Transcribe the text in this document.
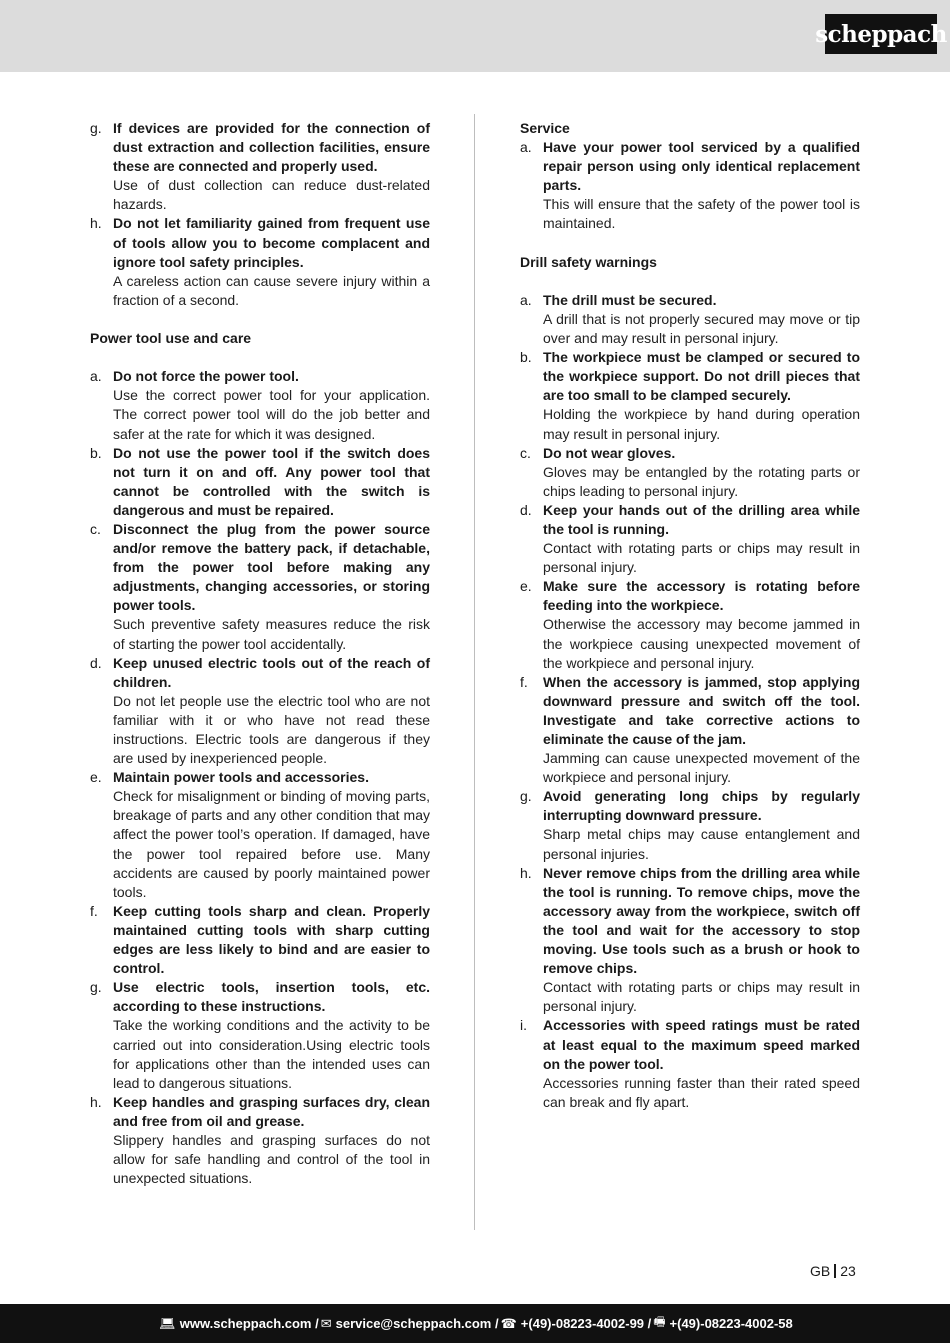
scheppach
g. If devices are provided for the connection of dust extraction and collection facilities, ensure these are connected and properly used.
Use of dust collection can reduce dust-related hazards.
h. Do not let familiarity gained from frequent use of tools allow you to become complacent and ignore tool safety principles.
A careless action can cause severe injury within a fraction of a second.

Power tool use and care

a. Do not force the power tool.
Use the correct power tool for your application. The correct power tool will do the job better and safer at the rate for which it was designed.
b. Do not use the power tool if the switch does not turn it on and off. Any power tool that cannot be controlled with the switch is dangerous and must be repaired.
c. Disconnect the plug from the power source and/or remove the battery pack, if detachable, from the power tool before making any adjustments, changing accessories, or storing power tools.
Such preventive safety measures reduce the risk of starting the power tool accidentally.
d. Keep unused electric tools out of the reach of children.
Do not let people use the electric tool who are not familiar with it or who have not read these instructions. Electric tools are dangerous if they are used by inexperienced people.
e. Maintain power tools and accessories.
Check for misalignment or binding of moving parts, breakage of parts and any other condition that may affect the power tool’s operation. If damaged, have the power tool repaired before use. Many accidents are caused by poorly maintained power tools.
f.	Keep cutting tools sharp and clean. Properly maintained cutting tools with sharp cutting edges are less likely to bind and are easier to control.
g. Use electric tools, insertion tools, etc. according to these instructions.
Take the working conditions and the activity to be carried out into consideration.Using electric tools for applications other than the intended uses can lead to dangerous situations.
h. Keep handles and grasping surfaces dry, clean and free from oil and grease.
Slippery handles and grasping surfaces do not allow for safe handling and control of the tool in unexpected situations.

Service

a. Have your power tool serviced by a qualified repair person using only identical replacement parts.
This will ensure that the safety of the power tool is maintained.

Drill safety warnings

a. The drill must be secured.
A drill that is not properly secured may move or tip over and may result in personal injury.
b. The workpiece must be clamped or secured to the workpiece support. Do not drill pieces that are too small to be clamped securely.
Holding the workpiece by hand during operation may result in personal injury.
c. Do not wear gloves.
Gloves may be entangled by the rotating parts or chips leading to personal injury.
d. Keep your hands out of the drilling area while the tool is running.
Contact with rotating parts or chips may result in personal injury.
e. Make sure the accessory is rotating before feeding into the workpiece.
Otherwise the accessory may become jammed in the workpiece causing unexpected movement of the workpiece and personal injury.
f.	When the accessory is jammed, stop applying downward pressure and switch off the tool. Investigate and take corrective actions to eliminate the cause of the jam.
Jamming can cause unexpected movement of the workpiece and personal injury.
g. Avoid generating long chips by regularly interrupting downward pressure.
Sharp metal chips may cause entanglement and personal injuries.
h. Never remove chips from the drilling area while the tool is running. To remove chips, move the accessory away from the workpiece, switch off the tool and wait for the accessory to stop moving. Use tools such as a brush or hook to remove chips.
Contact with rotating parts or chips may result in personal injury.
i.	Accessories with speed ratings must be rated at least equal to the maximum speed marked on the power tool.
Accessories running faster than their rated speed can break and fly apart.
GB 23
💻︎ www.scheppach.com / ✉ service@scheppach.com / ☎ +(49)-08223-4002-99 / 🖷︎ +(49)-08223-4002-58
